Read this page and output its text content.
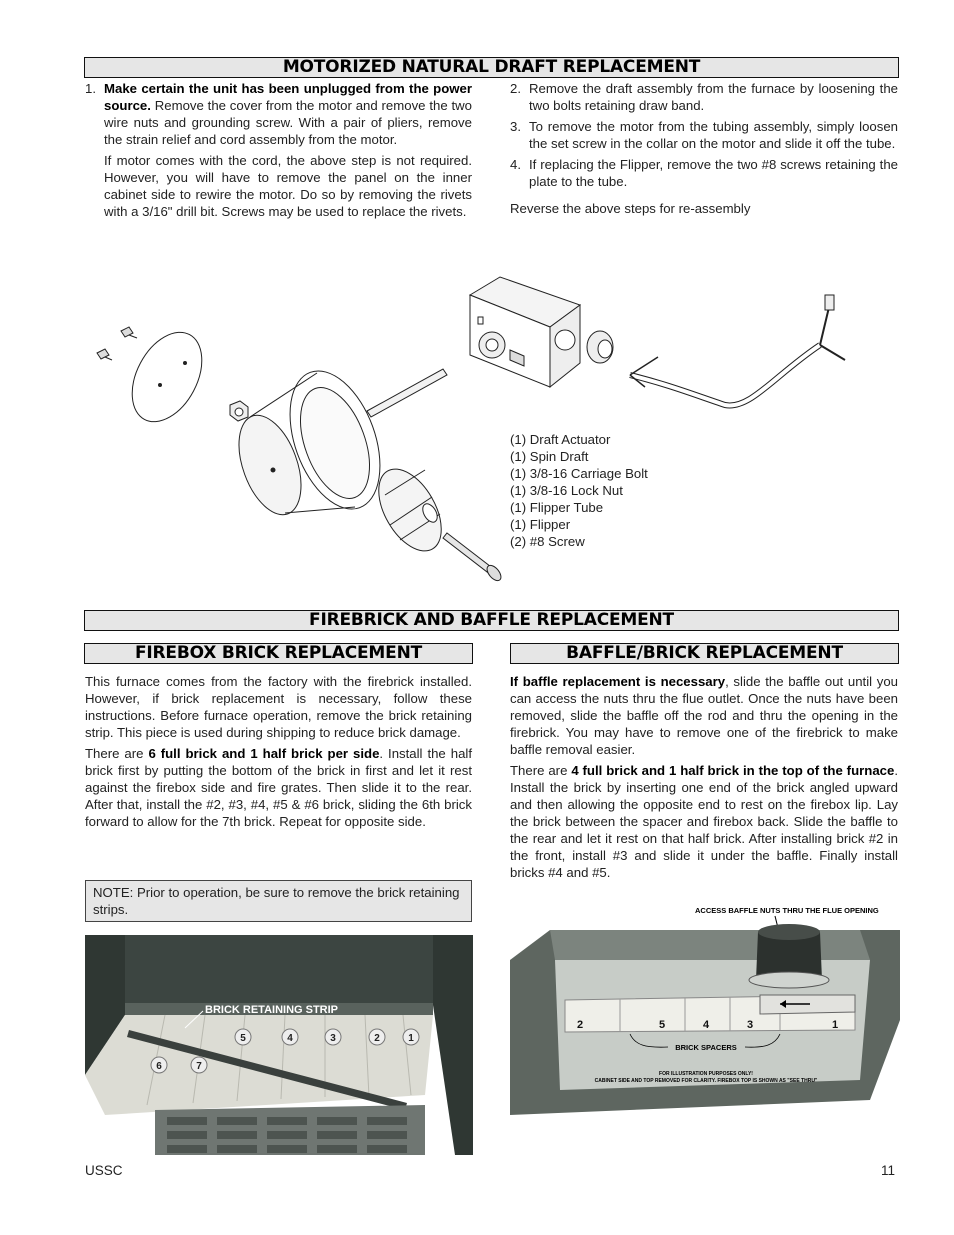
MOTORIZED NATURAL DRAFT REPLACEMENT
1. Make certain the unit has been unplugged from the power source. Remove the cover from the motor and remove the two wire nuts and grounding screw. With a pair of pliers, remove the strain relief and cord assembly from the motor.

If motor comes with the cord, the above step is not required. However, you will have to remove the panel on the inner cabinet side to rewire the motor. Do so by removing the rivets with a 3/16" drill bit. Screws may be used to replace the rivets.

2. Remove the draft assembly from the furnace by loosening the two bolts retaining draw band.
3. To remove the motor from the tubing assembly, simply loosen the set screw in the collar on the motor and slide it off the tube.
4. If replacing the Flipper, remove the two #8 screws retaining the plate to the tube.

Reverse the above steps for re-assembly

(1) Draft Actuator
(1) Spin Draft
(1) 3/8-16 Carriage Bolt
(1) 3/8-16 Lock Nut
(1) Flipper Tube
(1) Flipper
(2) #8 Screw
FIREBRICK AND BAFFLE REPLACEMENT
FIREBOX BRICK REPLACEMENT	BAFFLE/BRICK REPLACEMENT

This furnace comes from the factory with the firebrick installed. However, if brick replacement is necessary, follow these instructions. Before furnace operation, remove the brick retaining strip. This piece is used during shipping to reduce brick damage.

There are 6 full brick and 1 half brick per side. Install the half brick first by putting the bottom of the brick in first and let it rest against the firebox side and fire grates. Then slide it to the rear. After that, install the #2, #3, #4, #5 & #6 brick, sliding the 6th brick forward to allow for the 7th brick. Repeat for opposite side.

If baffle replacement is necessary, slide the baffle out until you can access the nuts thru the flue outlet. Once the nuts have been removed, slide the baffle off the rod and thru the opening in the firebrick. You may have to remove one of the firebrick to make baffle removal easier.

There are 4 full brick and 1 half brick in the top of the furnace. Install the brick by inserting one end of the brick angled upward and then allowing the opposite end to rest on the firebox lip. Lay the brick between the spacer and firebox back. Slide the baffle to the rear and let it rest on that half brick. After installing brick #2 in the front, install #3 and slide it under the baffle. Finally install bricks #4 and #5.

NOTE: Prior to operation, be sure to remove the brick retaining strips.
BRICK RETAINING STRIP
5	4	3	2	1
6	7
ACCESS BAFFLE NUTS THRU THE FLUE OPENING
2	5	4	3	1
BRICK SPACERS
FOR ILLUSTRATION PURPOSES ONLY!
CABINET SIDE AND TOP REMOVED FOR CLARITY. FIREBOX TOP IS SHOWN AS "SEE THRU"
USSC	11
